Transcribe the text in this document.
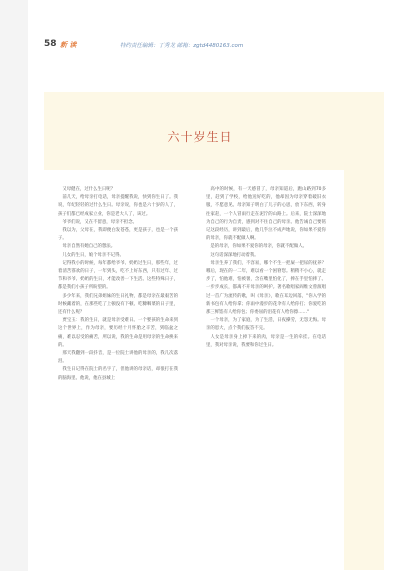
58 新 读	特约责任编辑：丁秀龙 邮箱：zgtd4480163.com
六十岁生日

又母健在，过什么生日呢？

前几天，给母亲打电话，母亲提醒我说，快到你生日了。我说，年纪轻轻的过什么生日。母亲说，你也是六十岁的人了，孩子们都已经成家立业，你是老大人了，该过。

爷爷们说，又在不留意，母亲不担念。

我以为，父母在，我即便白发苍苍，更是孩子，也是一个孩子。

母亲自然有她自己的想法。

儿女的生日，娘个母亲不记得。

记得我小的时候，每年都给爷爷、奶奶过生日，那些年，过着清苦寡欢的日子，一年到头，吃不上好东西，只有过年、过节和爷爷、奶奶的生日，才能改善一下生活。这些特殊日子，都是我们小孩子所盼望的。

多少年来，我们兄弟姐妹的生日礼物，都是母亲在最艰苦的时候藏着的，在那些吃了上顿没有下顿、吃糠咽菜的日子里，还有什么呢？

贾宝玉：我的生日，就是母亲受难日。一个婴孩的生命来到这个世界上，作为母亲，要历经十月怀胎之辛苦，到临盆之痛，难以忍受的痛苦，所以说，我的生命是用母亲的生命换来的。

那天我翻到一段抖音，是一位院士讲他的母亲的，我几次落泪。

我生日记得在院士的名字了，但他讲的母亲话，却很打在我的脑海里。他说，他在县城上

高中的时候，有一天感冒了，母亲知道后，跑山路到70多里，赶到了学校，给他送好吃的，他却因为母亲穿着破旧衣服，不愿意见。母亲知子明白了儿子的心思，放下东西，转身往家赶，一个人冒雨行走在泥泞的山路上。后来，院士深深地为自己的行为自责，感到对不住自己的母亲。他告诫自己要铭记这段经历，讲到最后，他几乎泣不成声地说，你如果不爱你的母亲，你就不配做人啊。

是的母亲，你如果不爱你的母亲，你就不配做人。

这句话深深地打动着我。

母亲生养了我们，不容易，哪个不生一把屎一把尿的抚养？哪后，现在的一二年，难以看一个困窘您。稍稍不小心，就走步了，怕他难，怕被暑，含在嘴里怕化了，捧在手里怕摔了。一步步成长，都离不开母亲的呵护。著名歌唱家阎维文曾演唱过一首广为流传的歌，叫《母亲》，歌在耳边回落，"你入学的新书包有人给你拿；你雨中漫步的花伞有人给你打；你爱吃的那三鲜馅有人给你包；你委屈的泪花有人给你擦……"

一个母亲，为了家庭，为了生活，日夜操劳，无怨无悔。母亲的恩大，点个我们报答不完。

人女是母亲身上掉下来的肉，母亲是一生的牵挂。在电话里，我对母亲说，我要和你过生日。
